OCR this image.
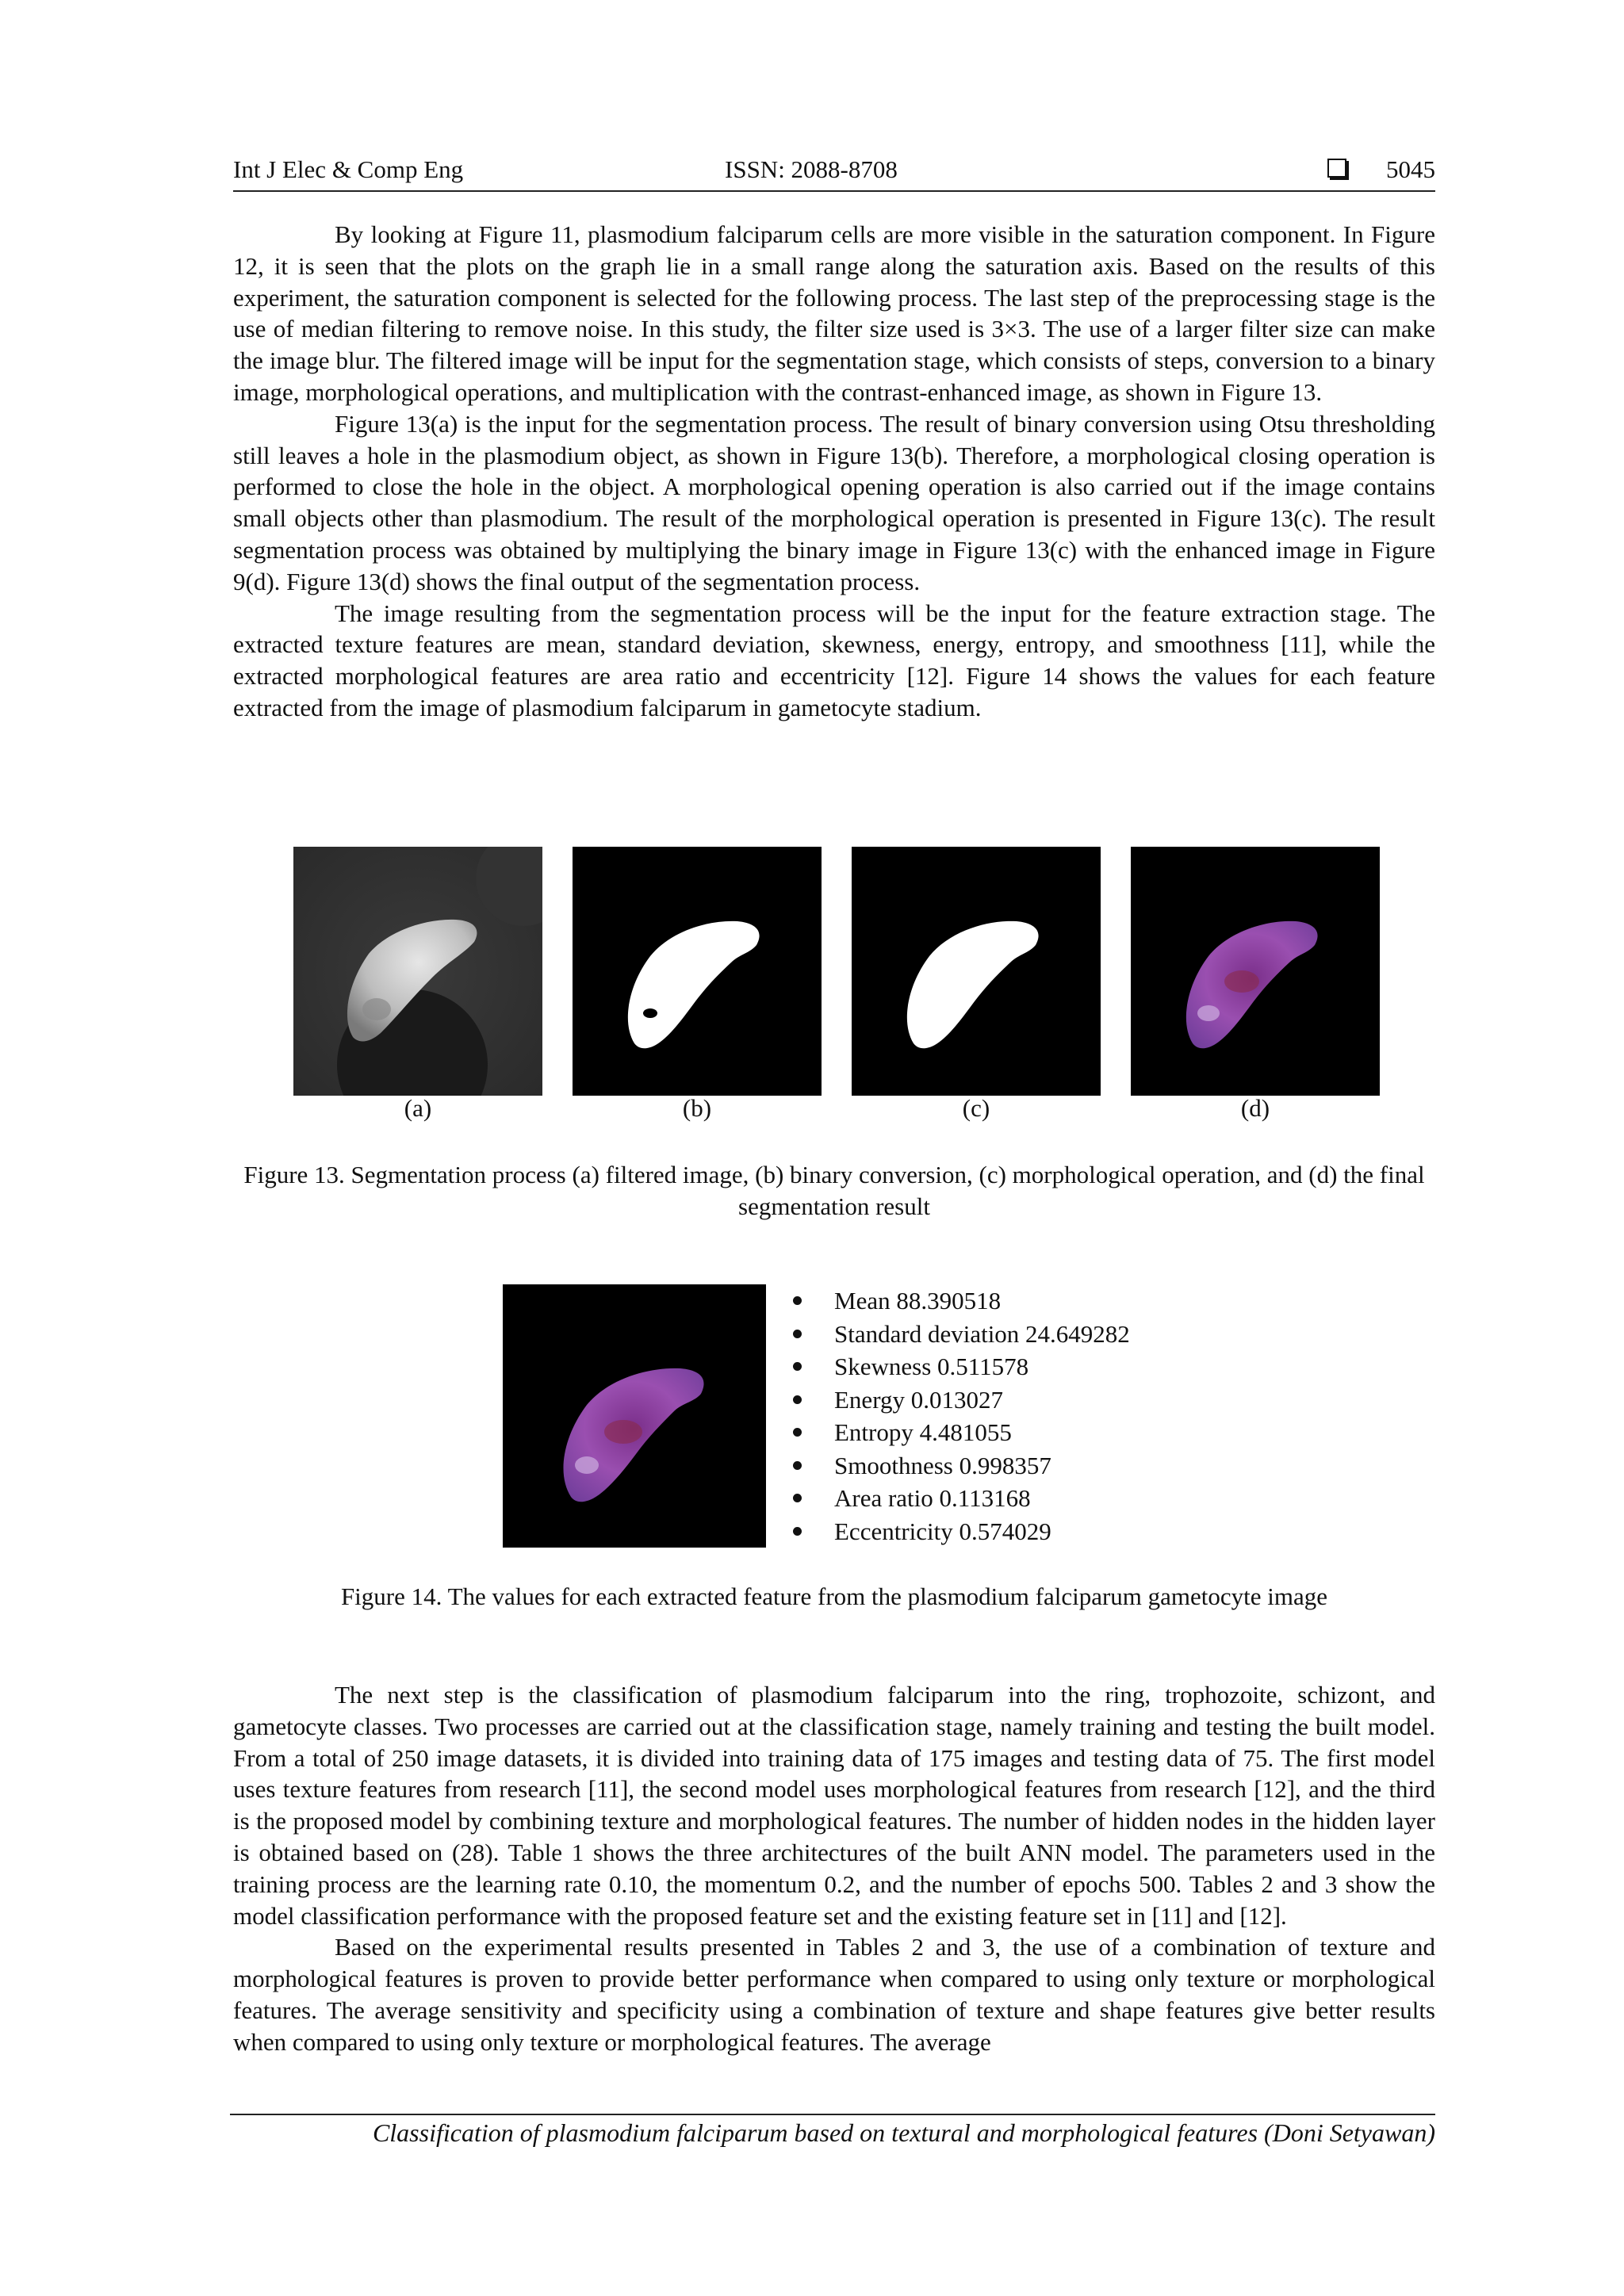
Int J Elec & Comp Eng	ISSN: 2088-8708	5045

By looking at Figure 11, plasmodium falciparum cells are more visible in the saturation component. In Figure 12, it is seen that the plots on the graph lie in a small range along the saturation axis. Based on the results of this experiment, the saturation component is selected for the following process. The last step of the preprocessing stage is the use of median filtering to remove noise. In this study, the filter size used is 3×3. The use of a larger filter size can make the image blur. The filtered image will be input for the segmentation stage, which consists of steps, conversion to a binary image, morphological operations, and multiplication with the contrast-enhanced image, as shown in Figure 13.

Figure 13(a) is the input for the segmentation process. The result of binary conversion using Otsu thresholding still leaves a hole in the plasmodium object, as shown in Figure 13(b). Therefore, a morphological closing operation is performed to close the hole in the object. A morphological opening operation is also carried out if the image contains small objects other than plasmodium. The result of the morphological operation is presented in Figure 13(c). The result segmentation process was obtained by multiplying the binary image in Figure 13(c) with the enhanced image in Figure 9(d). Figure 13(d) shows the final output of the segmentation process.

The image resulting from the segmentation process will be the input for the feature extraction stage. The extracted texture features are mean, standard deviation, skewness, energy, entropy, and smoothness [11], while the extracted morphological features are area ratio and eccentricity [12]. Figure 14 shows the values for each feature extracted from the image of plasmodium falciparum in gametocyte stadium.

(a)	(b)	(c)	(d)
Figure 13. Segmentation process (a) filtered image, (b) binary conversion, (c) morphological operation, and (d) the final segmentation result
Mean 88.390518
Standard deviation 24.649282
Skewness 0.511578
Energy 0.013027
Entropy 4.481055
Smoothness 0.998357
Area ratio 0.113168
Eccentricity 0.574029
Figure 14. The values for each extracted feature from the plasmodium falciparum gametocyte image

The next step is the classification of plasmodium falciparum into the ring, trophozoite, schizont, and gametocyte classes. Two processes are carried out at the classification stage, namely training and testing the built model. From a total of 250 image datasets, it is divided into training data of 175 images and testing data of 75. The first model uses texture features from research [11], the second model uses morphological features from research [12], and the third is the proposed model by combining texture and morphological features. The number of hidden nodes in the hidden layer is obtained based on (28). Table 1 shows the three architectures of the built ANN model. The parameters used in the training process are the learning rate 0.10, the momentum 0.2, and the number of epochs 500. Tables 2 and 3 show the model classification performance with the proposed feature set and the existing feature set in [11] and [12].

Based on the experimental results presented in Tables 2 and 3, the use of a combination of texture and morphological features is proven to provide better performance when compared to using only texture or morphological features. The average sensitivity and specificity using a combination of texture and shape features give better results when compared to using only texture or morphological features. The average

Classification of plasmodium falciparum based on textural and morphological features (Doni Setyawan)
